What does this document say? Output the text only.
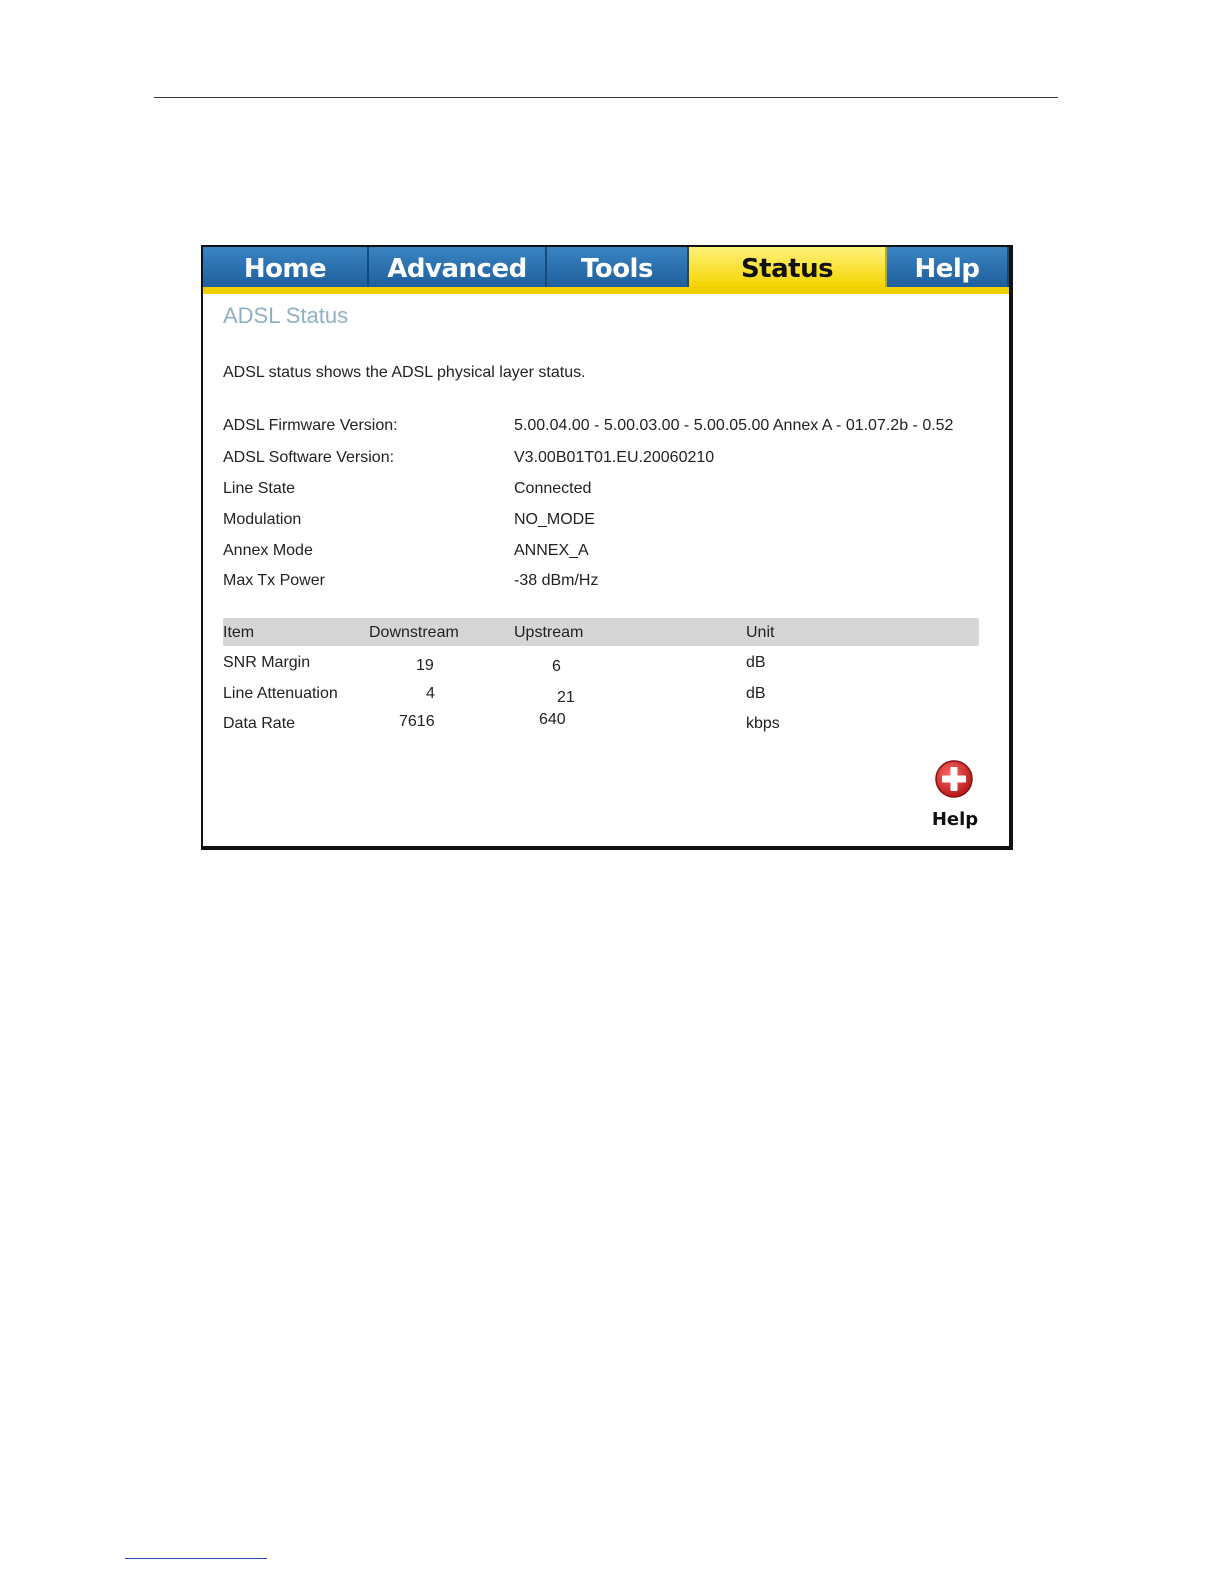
Home	Advanced	Tools	Status	Help
ADSL Status
ADSL status shows the ADSL physical layer status.
ADSL Firmware Version:	5.00.04.00 - 5.00.03.00 - 5.00.05.00 Annex A - 01.07.2b - 0.52
ADSL Software Version:	V3.00B01T01.EU.20060210
Line State	Connected
Modulation	NO_MODE
Annex Mode	ANNEX_A
Max Tx Power	-38 dBm/Hz
Item	Downstream	Upstream	Unit
SNR Margin	19	6	dB
Line Attenuation	4	21	dB
Data Rate	7616	640	kbps
Help
